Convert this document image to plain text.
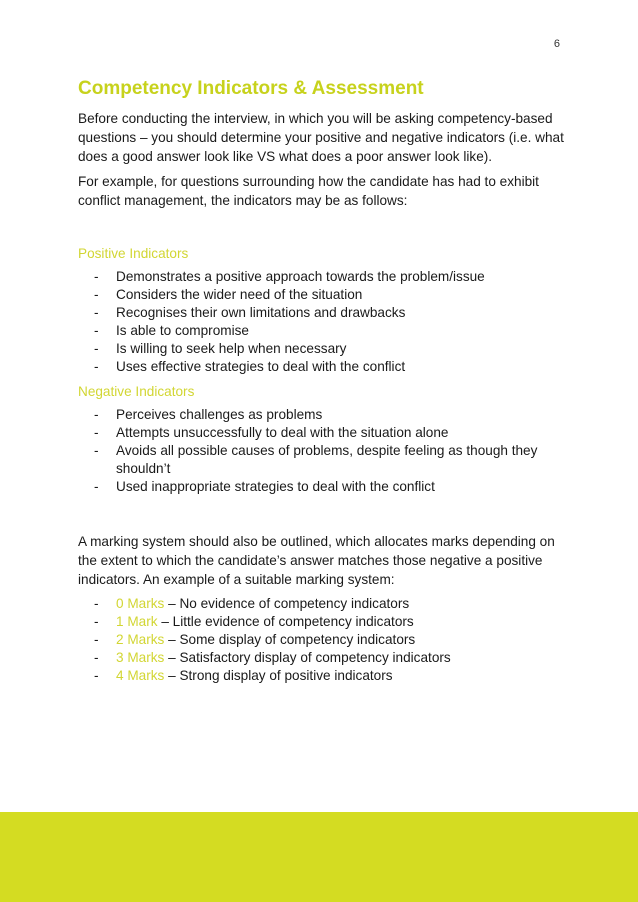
6
Competency Indicators & Assessment

Before conducting the interview, in which you will be asking competency-based questions – you should determine your positive and negative indicators (i.e. what does a good answer look like VS what does a poor answer look like).

For example, for questions surrounding how the candidate has had to exhibit conflict management, the indicators may be as follows:

Positive Indicators
- Demonstrates a positive approach towards the problem/issue
- Considers the wider need of the situation
- Recognises their own limitations and drawbacks
- Is able to compromise
- Is willing to seek help when necessary
- Uses effective strategies to deal with the conflict
Negative Indicators
- Perceives challenges as problems
- Attempts unsuccessfully to deal with the situation alone
- Avoids all possible causes of problems, despite feeling as though they shouldn’t
- Used inappropriate strategies to deal with the conflict

A marking system should also be outlined, which allocates marks depending on the extent to which the candidate’s answer matches those negative a positive indicators. An example of a suitable marking system:

- 0 Marks – No evidence of competency indicators
- 1 Mark – Little evidence of competency indicators
- 2 Marks – Some display of competency indicators
- 3 Marks – Satisfactory display of competency indicators
- 4 Marks – Strong display of positive indicators
